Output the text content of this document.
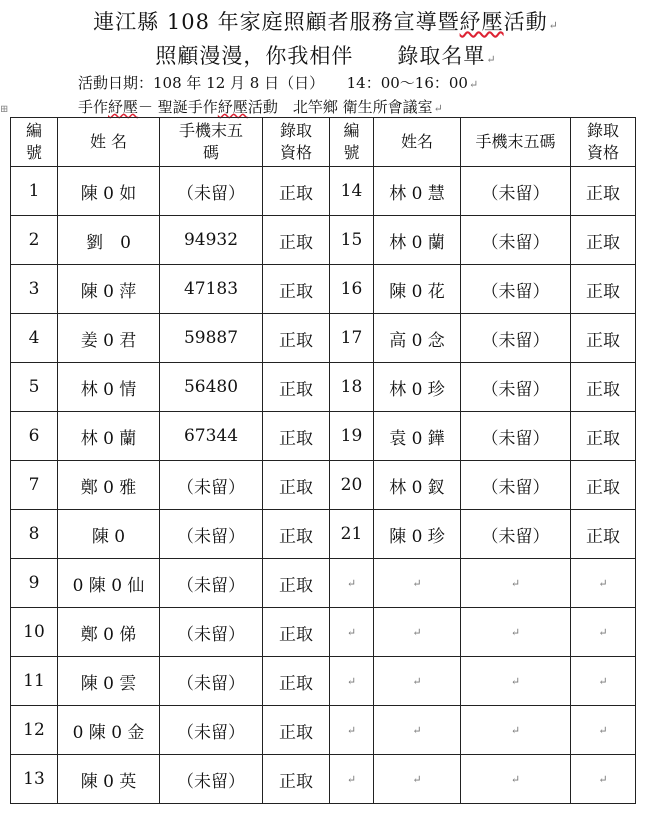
⊞
連江縣 108 年家庭照顧者服務宣導暨紓壓活動↵
照顧漫漫，你我相伴　　錄取名單↵
活動日期：108 年 12 月 8 日（日）　　14：00～16：00↵
手作紓壓－ 聖誕手作紓壓活動　北竿鄉 衛生所會議室↵
編號	姓 名	手機末五碼	錄取資格	編號	姓名	手機末五碼	錄取資格
1	陳 0 如	（未留）	正取	14	林 0 慧	（未留）	正取
2	劉　0	94932	正取	15	林 0 蘭	（未留）	正取
3	陳 0 萍	47183	正取	16	陳 0 花	（未留）	正取
4	姜 0 君	59887	正取	17	高 0 念	（未留）	正取
5	林 0 情	56480	正取	18	林 0 珍	（未留）	正取
6	林 0 蘭	67344	正取	19	袁 0 鏵	（未留）	正取
7	鄭 0 雅	（未留）	正取	20	林 0 釵	（未留）	正取
8	陳 0	（未留）	正取	21	陳 0 珍	（未留）	正取
9	0 陳 0 仙	（未留）	正取	↵	↵	↵	↵
10	鄭 0 俤	（未留）	正取	↵	↵	↵	↵
11	陳 0 雲	（未留）	正取	↵	↵	↵	↵
12	0 陳 0 金	（未留）	正取	↵	↵	↵	↵
13	陳 0 英	（未留）	正取	↵	↵	↵	↵
